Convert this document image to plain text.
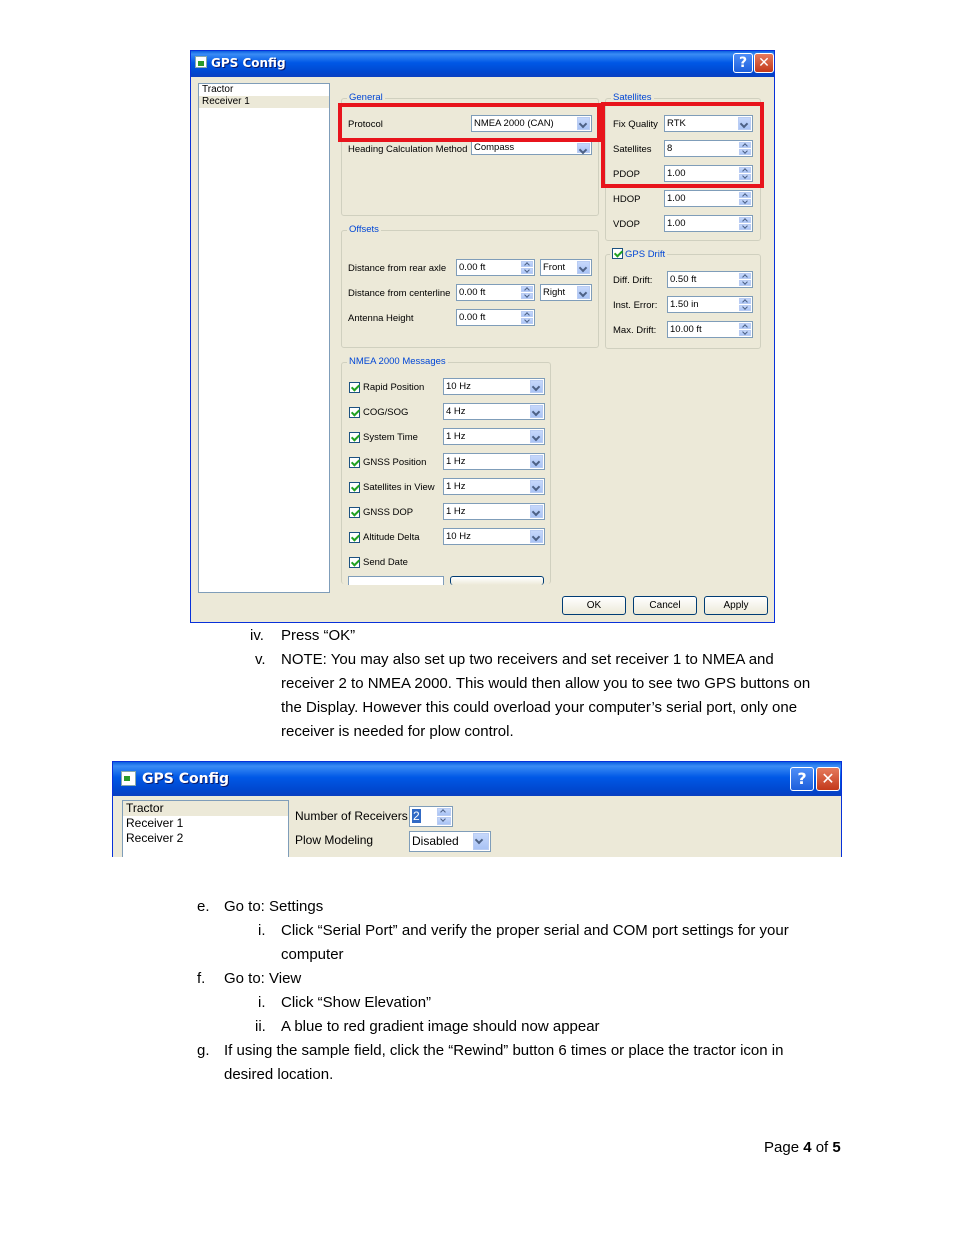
GPS Config	? ✕
Tractor
Receiver 1	General
Protocol	NMEA 2000 (CAN)
Heading Calculation Method Compass
Satellites
Fix Quality RTK
Satellites 8
PDOP	1.00
HDOP	1.00
VDOP	1.00
Offsets
Distance from rear axle 0.00 ft	Front
Distance from centerline 0.00 ft	Right
Antenna Height	0.00 ft
GPS Drift
Diff. Drift: 0.50 ft
Inst. Error: 1.50 in
Max. Drift: 10.00 ft
NMEA 2000 Messages
Rapid Position 10 Hz
COG/SOG	4 Hz
System Time	1 Hz
GNSS Position 1 Hz
Satellites in View 1 Hz
GNSS DOP	1 Hz
Altitude Delta	10 Hz
Send Date
OK	Cancel	Apply
iv. Press “OK”
v. NOTE: You may also set up two receivers and set receiver 1 to NMEA and
receiver 2 to NMEA 2000. This would then allow you to see two GPS buttons on
the Display. However this could overload your computer’s serial port, only one
receiver is needed for plow control.
GPS Config	? ✕
Tractor
Receiver 1
Receiver 2
Number of Receivers 2
Plow Modeling	Disabled
e. Go to: Settings
i. Click “Serial Port” and verify the proper serial and COM port settings for your
computer
f. Go to: View
i. Click “Show Elevation”
ii. A blue to red gradient image should now appear
g. If using the sample field, click the “Rewind” button 6 times or place the tractor icon in
desired location.
Page 4 of 5
